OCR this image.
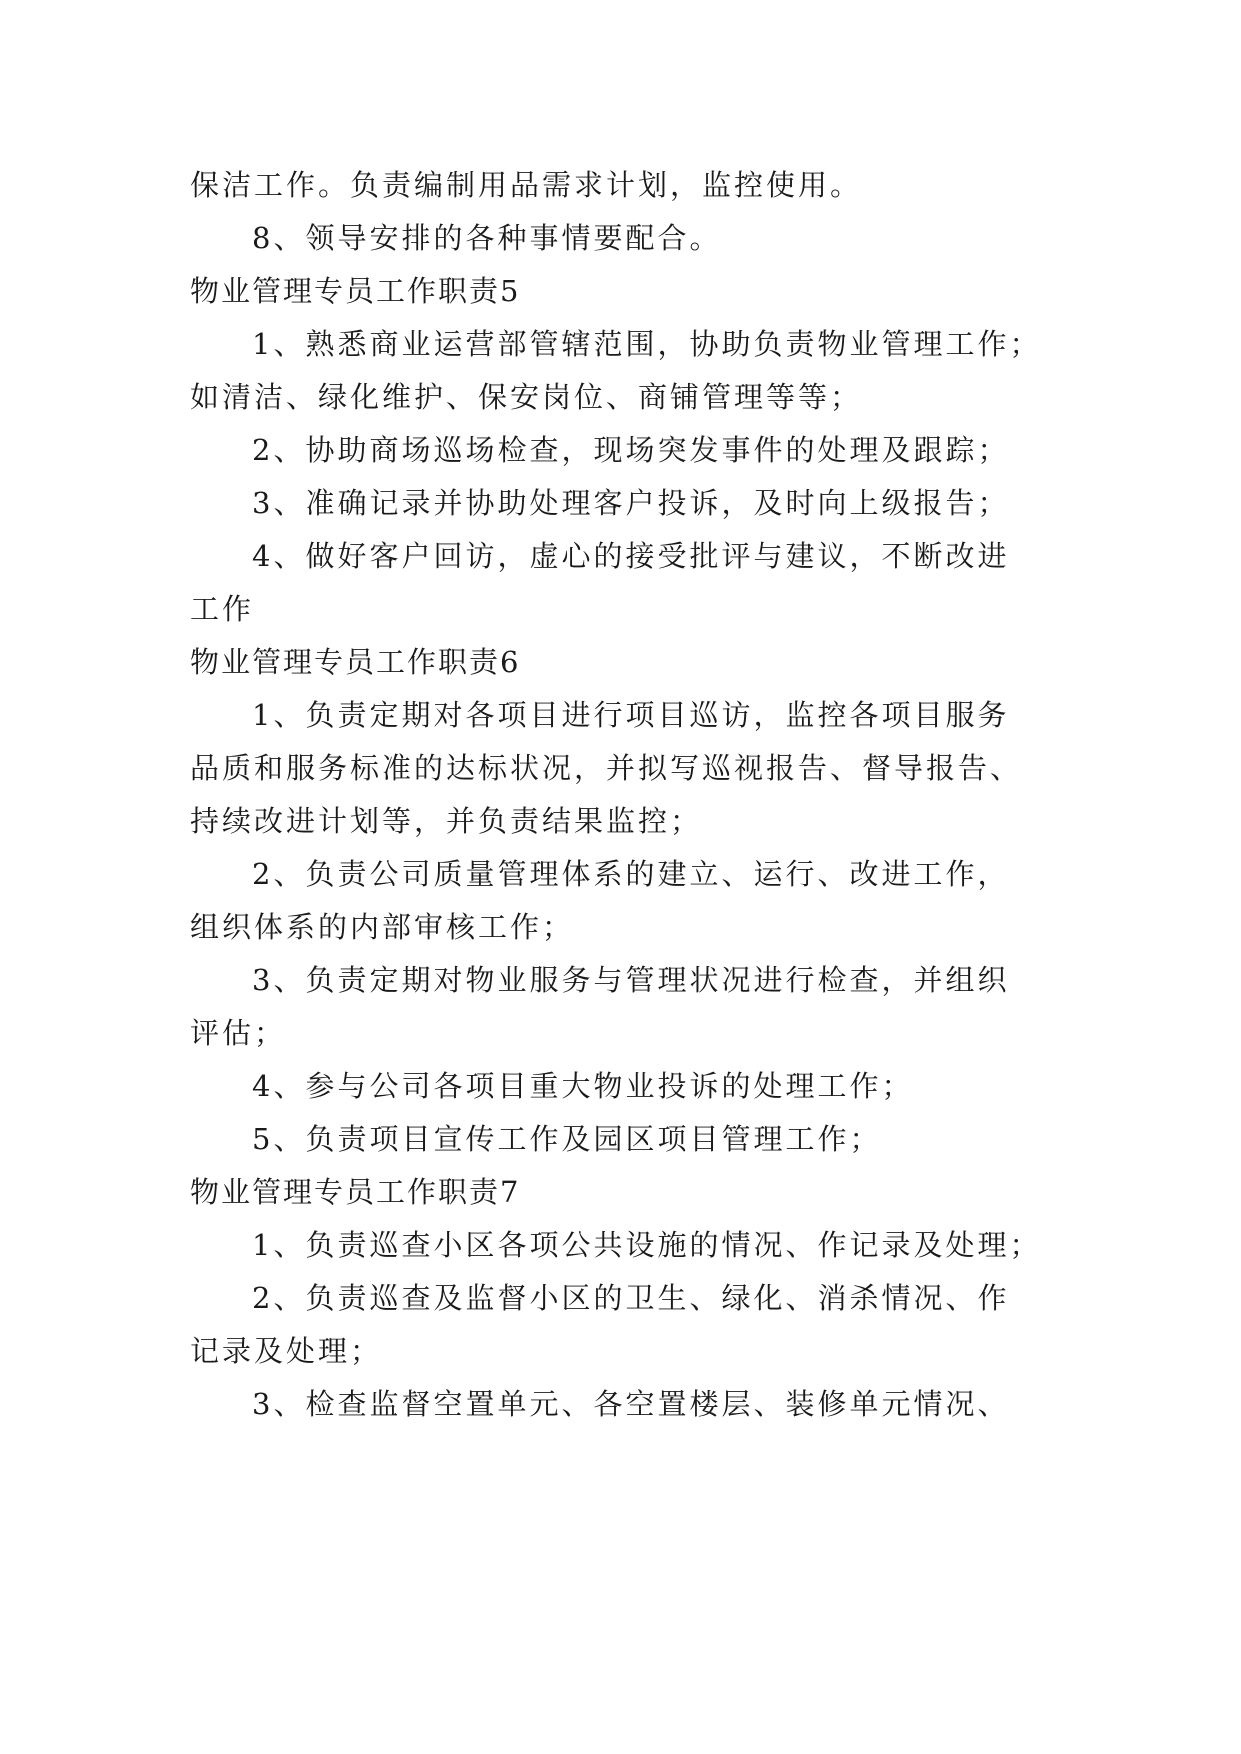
保洁工作。负责编制用品需求计划，监控使用。
8、领导安排的各种事情要配合。
物业管理专员工作职责5
1、熟悉商业运营部管辖范围，协助负责物业管理工作；
如清洁、绿化维护、保安岗位、商铺管理等等；
2、协助商场巡场检查，现场突发事件的处理及跟踪；
3、准确记录并协助处理客户投诉，及时向上级报告；
4、做好客户回访，虚心的接受批评与建议，不断改进
工作
物业管理专员工作职责6
1、负责定期对各项目进行项目巡访，监控各项目服务
品质和服务标准的达标状况，并拟写巡视报告、督导报告、
持续改进计划等，并负责结果监控；
2、负责公司质量管理体系的建立、运行、改进工作，
组织体系的内部审核工作；
3、负责定期对物业服务与管理状况进行检查，并组织
评估；
4、参与公司各项目重大物业投诉的处理工作；
5、负责项目宣传工作及园区项目管理工作；
物业管理专员工作职责7
1、负责巡查小区各项公共设施的情况、作记录及处理；
2、负责巡查及监督小区的卫生、绿化、消杀情况、作
记录及处理；
3、检查监督空置单元、各空置楼层、装修单元情况、
